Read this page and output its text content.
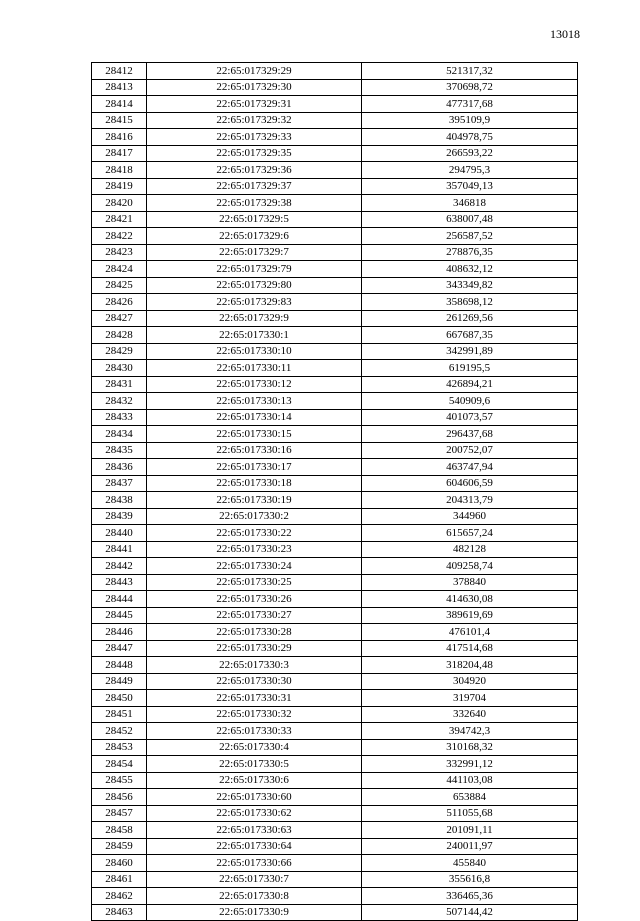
13018
28412	22:65:017329:29	521317,32
28413	22:65:017329:30	370698,72
28414	22:65:017329:31	477317,68
28415	22:65:017329:32	395109,9
28416	22:65:017329:33	404978,75
28417	22:65:017329:35	266593,22
28418	22:65:017329:36	294795,3
28419	22:65:017329:37	357049,13
28420	22:65:017329:38	346818
28421	22:65:017329:5	638007,48
28422	22:65:017329:6	256587,52
28423	22:65:017329:7	278876,35
28424	22:65:017329:79	408632,12
28425	22:65:017329:80	343349,82
28426	22:65:017329:83	358698,12
28427	22:65:017329:9	261269,56
28428	22:65:017330:1	667687,35
28429	22:65:017330:10	342991,89
28430	22:65:017330:11	619195,5
28431	22:65:017330:12	426894,21
28432	22:65:017330:13	540909,6
28433	22:65:017330:14	401073,57
28434	22:65:017330:15	296437,68
28435	22:65:017330:16	200752,07
28436	22:65:017330:17	463747,94
28437	22:65:017330:18	604606,59
28438	22:65:017330:19	204313,79
28439	22:65:017330:2	344960
28440	22:65:017330:22	615657,24
28441	22:65:017330:23	482128
28442	22:65:017330:24	409258,74
28443	22:65:017330:25	378840
28444	22:65:017330:26	414630,08
28445	22:65:017330:27	389619,69
28446	22:65:017330:28	476101,4
28447	22:65:017330:29	417514,68
28448	22:65:017330:3	318204,48
28449	22:65:017330:30	304920
28450	22:65:017330:31	319704
28451	22:65:017330:32	332640
28452	22:65:017330:33	394742,3
28453	22:65:017330:4	310168,32
28454	22:65:017330:5	332991,12
28455	22:65:017330:6	441103,08
28456	22:65:017330:60	653884
28457	22:65:017330:62	511055,68
28458	22:65:017330:63	201091,11
28459	22:65:017330:64	240011,97
28460	22:65:017330:66	455840
28461	22:65:017330:7	355616,8
28462	22:65:017330:8	336465,36
28463	22:65:017330:9	507144,42
